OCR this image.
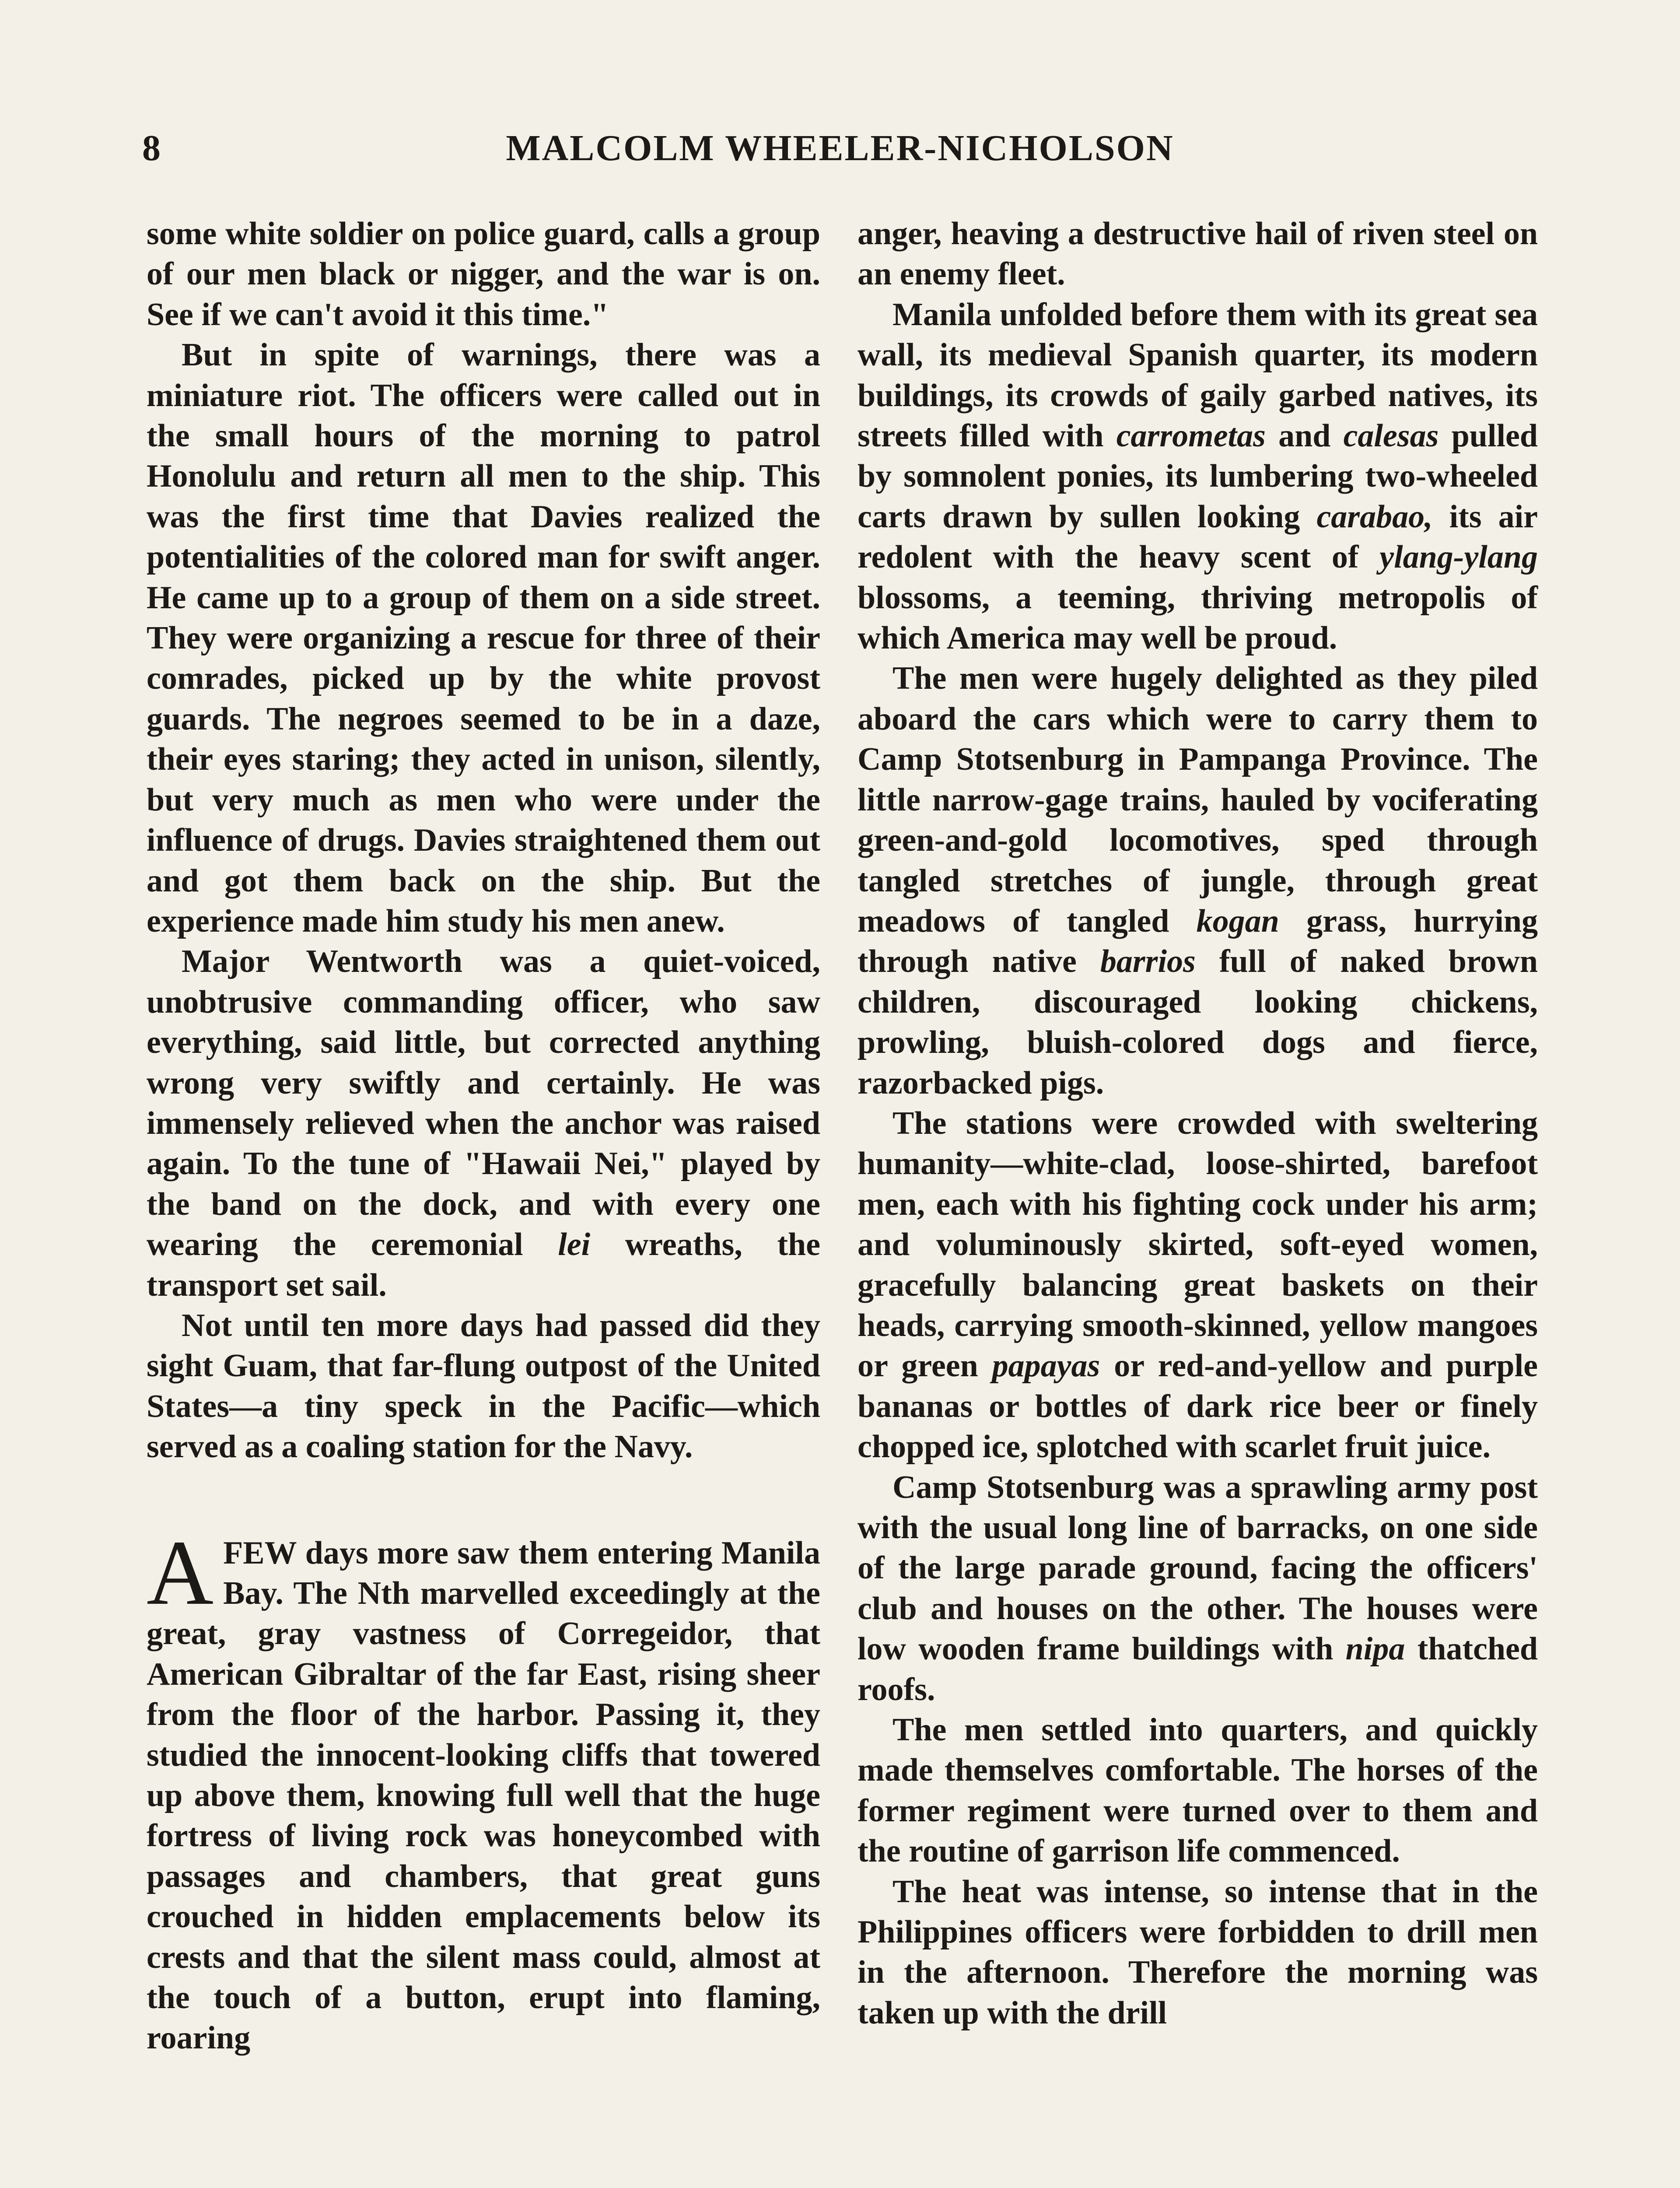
8	MALCOLM WHEELER-NICHOLSON

some white soldier on police guard, calls a group of our men black or nigger, and the war is on. See if we can't avoid it this time."

But in spite of warnings, there was a miniature riot. The officers were called out in the small hours of the morning to patrol Honolulu and return all men to the ship. This was the first time that Davies realized the potentialities of the colored man for swift anger. He came up to a group of them on a side street. They were organizing a rescue for three of their comrades, picked up by the white provost guards. The negroes seemed to be in a daze, their eyes staring; they acted in unison, silently, but very much as men who were under the influence of drugs. Davies straightened them out and got them back on the ship. But the experience made him study his men anew.

Major Wentworth was a quiet-voiced, unobtrusive commanding officer, who saw everything, said little, but corrected anything wrong very swiftly and certainly. He was immensely relieved when the anchor was raised again. To the tune of "Hawaii Nei," played by the band on the dock, and with every one wearing the ceremonial lei wreaths, the transport set sail.

Not until ten more days had passed did they sight Guam, that far-flung outpost of the United States—a tiny speck in the Pacific—which served as a coaling station for the Navy.

A FEW days more saw them entering Manila Bay. The Nth marvelled exceedingly at the great, gray vastness of Corregeidor, that American Gibraltar of the far East, rising sheer from the floor of the harbor. Passing it, they studied the innocent-looking cliffs that towered up above them, knowing full well that the huge fortress of living rock was honeycombed with passages and chambers, that great guns crouched in hidden emplacements below its crests and that the silent mass could, almost at the touch of a button, erupt into flaming, roaring

anger, heaving a destructive hail of riven steel on an enemy fleet.

Manila unfolded before them with its great sea wall, its medieval Spanish quarter, its modern buildings, its crowds of gaily garbed natives, its streets filled with carrometas and calesas pulled by somnolent ponies, its lumbering two-wheeled carts drawn by sullen looking carabao, its air redolent with the heavy scent of ylang-ylang blossoms, a teeming, thriving metropolis of which America may well be proud.

The men were hugely delighted as they piled aboard the cars which were to carry them to Camp Stotsenburg in Pampanga Province. The little narrow-gage trains, hauled by vociferating green-and-gold locomotives, sped through tangled stretches of jungle, through great meadows of tangled kogan grass, hurrying through native barrios full of naked brown children, discouraged looking chickens, prowling, bluish-colored dogs and fierce, razorbacked pigs.

The stations were crowded with sweltering humanity—white-clad, loose-shirted, barefoot men, each with his fighting cock under his arm; and voluminously skirted, soft-eyed women, gracefully balancing great baskets on their heads, carrying smooth-skinned, yellow mangoes or green papayas or red-and-yellow and purple bananas or bottles of dark rice beer or finely chopped ice, splotched with scarlet fruit juice.

Camp Stotsenburg was a sprawling army post with the usual long line of barracks, on one side of the large parade ground, facing the officers' club and houses on the other. The houses were low wooden frame buildings with nipa thatched roofs.

The men settled into quarters, and quickly made themselves comfortable. The horses of the former regiment were turned over to them and the routine of garrison life commenced.

The heat was intense, so intense that in the Philippines officers were forbidden to drill men in the afternoon. Therefore the morning was taken up with the drill
